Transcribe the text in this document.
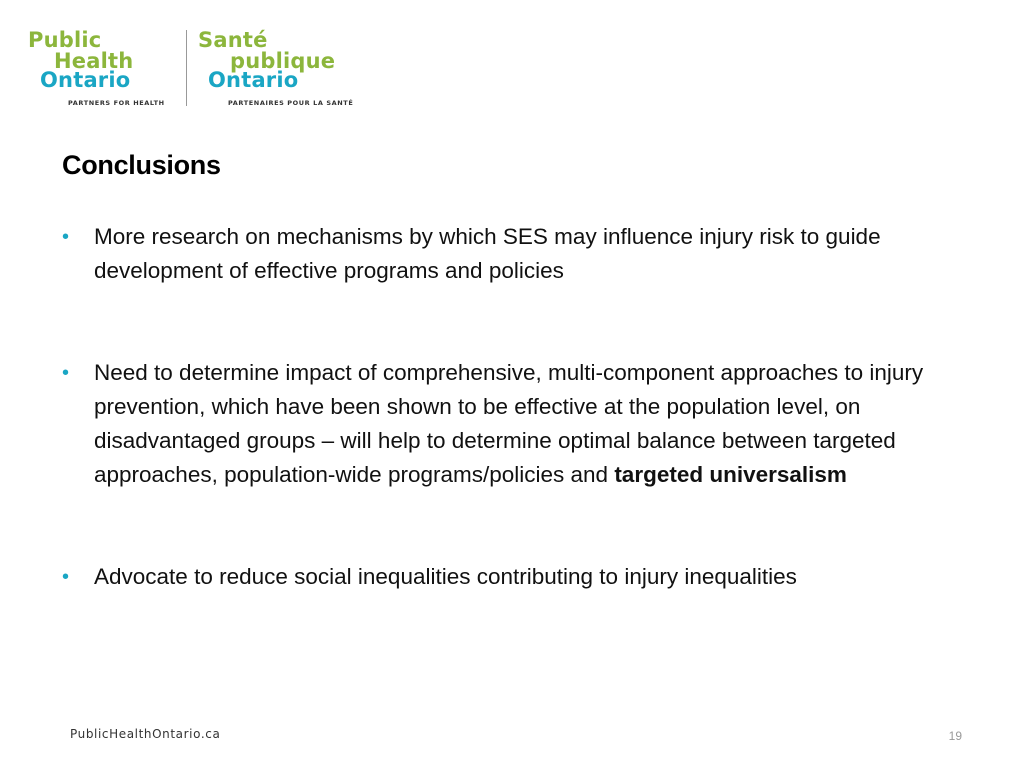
Public
Health
Ontario
PARTNERS FOR HEALTH
Santé
publique
Ontario
PARTENAIRES POUR LA SANTÉ
Conclusions
• More research on mechanisms by which SES may influence injury risk to guide development of effective programs and policies
• Need to determine impact of comprehensive, multi-component approaches to injury prevention, which have been shown to be effective at the population level, on disadvantaged groups – will help to determine optimal balance between targeted approaches, population-wide programs/policies and targeted universalism
• Advocate to reduce social inequalities contributing to injury inequalities
PublicHealthOntario.ca	19
